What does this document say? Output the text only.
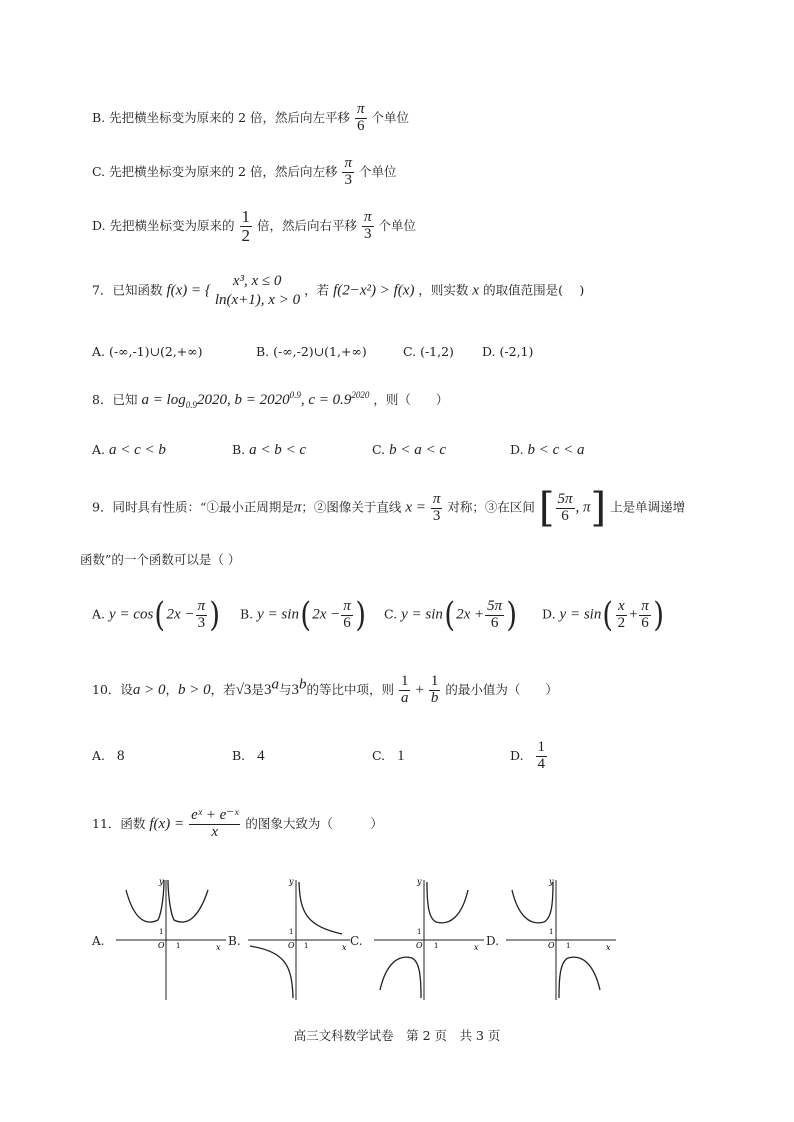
B. 先把横坐标变为原来的 2 倍，然后向左平移 $\frac{\pi}{6}$ 个单位
C. 先把横坐标变为原来的 2 倍，然后向左移 $\frac{\pi}{3}$ 个单位
D. 先把横坐标变为原来的 $\frac{1}{2}$ 倍，然后向右平移 $\frac{\pi}{3}$ 个单位
7．已知函数 f(x) = {
x³, x ≤ 0
ln(x+1), x > 0
，若 f(2−x²) > f(x) ，则实数 x 的取值范围是(　 )
A. (-∞,-1)∪(2,+∞)	B. (-∞,-2)∪(1,+∞)	C. (-1,2) D. (-2,1)
8．已知 $a = \log_{0.9}2020$, $b = 2020^{0.9}$, $c = 0.9^{2020}$ ，则（　　）
A. a < c < b	B. a < b < c	C. b < a < c	D. b < c < a
9．同时具有性质：“①最小正周期是π；②图像关于直线 $x = \frac{\pi}{3}$ 对称；③在区间 [ $\frac{5\pi}{6}$ , π] 上是单调递增
函数”的一个函数可以是（ ）
A. $y = \cos(2x - \frac{\pi}{3}$ ) B. $y = \sin(2x - \frac{\pi}{6}$ ) C. $y = \sin(2x + \frac{5\pi}{6}$ ) D. $y = \sin( \frac{x}{2} + \frac{\pi}{6}$ )
10．设a > 0，b > 0，若√3是3$^a$与3$^b$的等比中项，则 $\frac{1}{a} + \frac{1}{b}$ 的最小值为（　　）
A. 8	B. 4	C. 1	D. $\frac{1}{4}$
11．函数 $f(x) = \frac{\text{eˣ + e⁻ˣ}}{x}$ 的图象大致为（　　　）
A.	B.	C.	D.
y
x
O
1
1
y
x
O
1
1
y
x
O
1
1
y
x
O
1
1
高三文科数学试卷　第 2 页　共 3 页
